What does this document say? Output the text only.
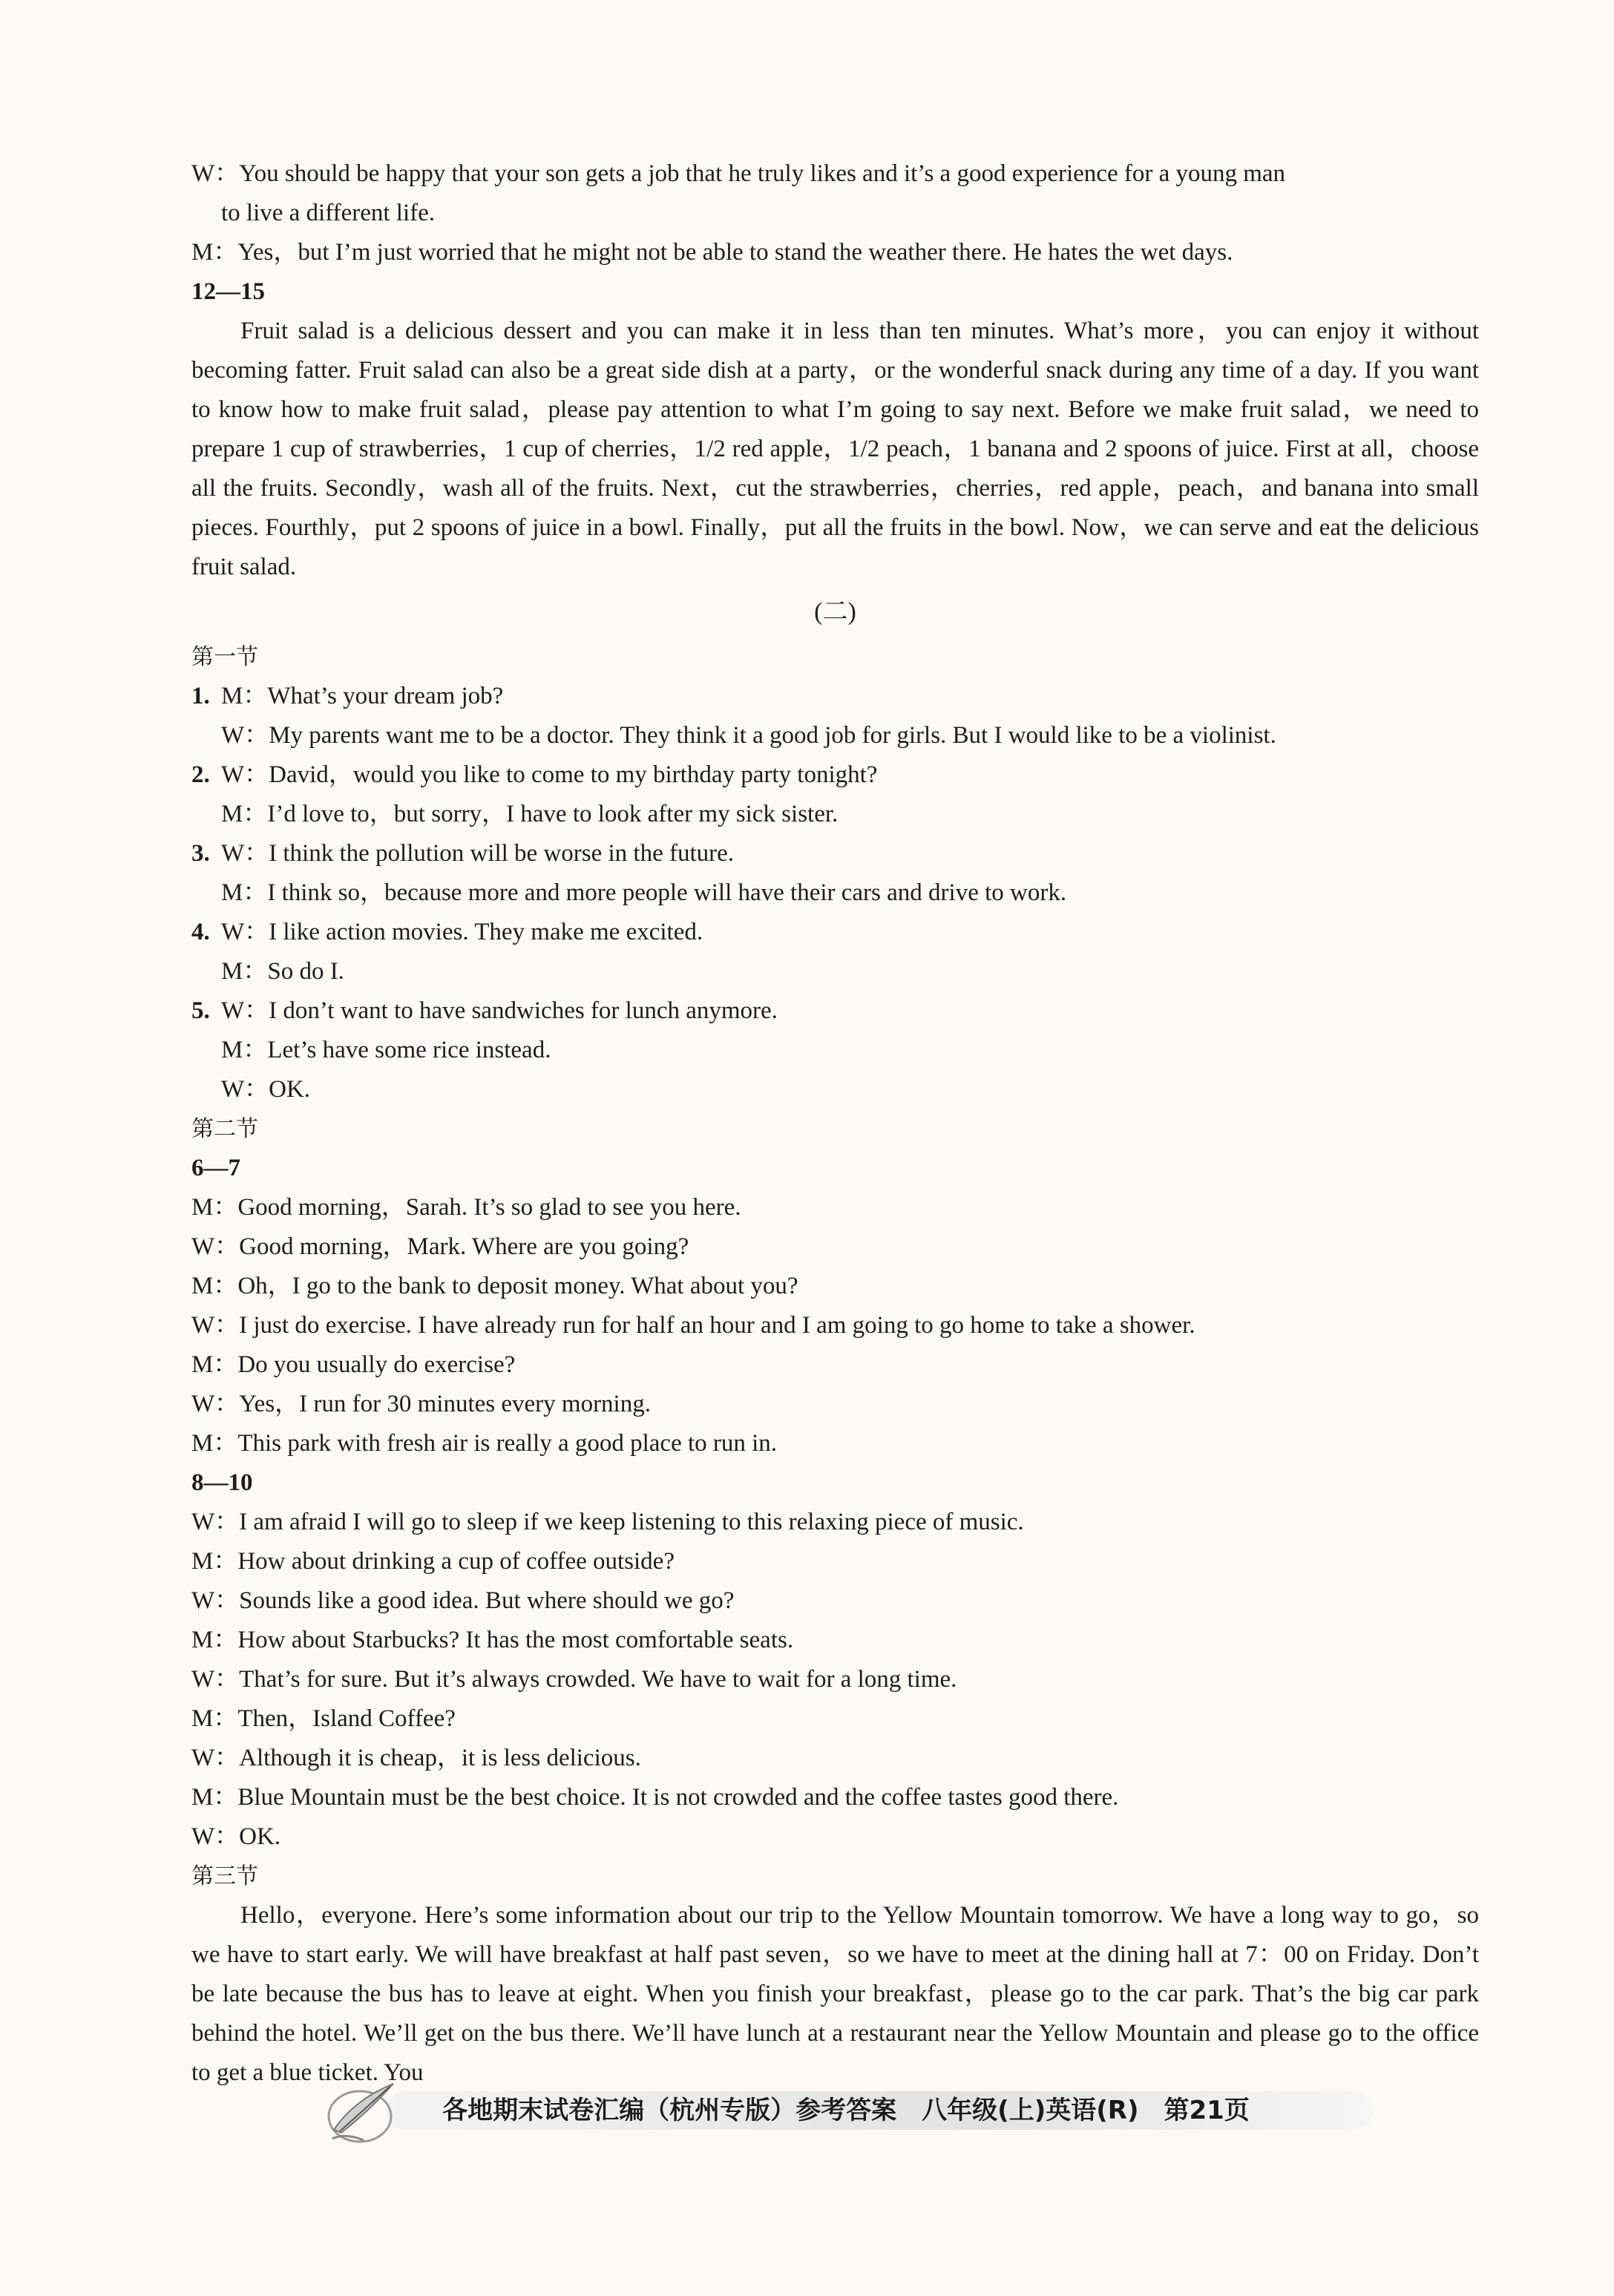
W：You should be happy that your son gets a job that he truly likes and it’s a good experience for a young man
to live a different life.
M：Yes，but I’m just worried that he might not be able to stand the weather there. He hates the wet days.
12—15
Fruit salad is a delicious dessert and you can make it in less than ten minutes. What’s more，you can enjoy it without becoming fatter. Fruit salad can also be a great side dish at a party，or the wonderful snack during any time of a day. If you want to know how to make fruit salad，please pay attention to what I’m going to say next. Before we make fruit salad，we need to prepare 1 cup of strawberries，1 cup of cherries，1/2 red apple，1/2 peach，1 banana and 2 spoons of juice. First at all，choose all the fruits. Secondly，wash all of the fruits. Next，cut the strawberries，cherries，red apple，peach，and banana into small pieces. Fourthly，put 2 spoons of juice in a bowl. Finally，put all the fruits in the bowl. Now，we can serve and eat the delicious fruit salad.
(二)
第一节
1. M：What’s your dream job?
W：My parents want me to be a doctor. They think it a good job for girls. But I would like to be a violinist.
2. W：David，would you like to come to my birthday party tonight?
M：I’d love to，but sorry，I have to look after my sick sister.
3. W：I think the pollution will be worse in the future.
M：I think so，because more and more people will have their cars and drive to work.
4. W：I like action movies. They make me excited.
M：So do I.
5. W：I don’t want to have sandwiches for lunch anymore.
M：Let’s have some rice instead.
W：OK.
第二节
6—7
M：Good morning，Sarah. It’s so glad to see you here.
W：Good morning，Mark. Where are you going?
M：Oh，I go to the bank to deposit money. What about you?
W：I just do exercise. I have already run for half an hour and I am going to go home to take a shower.
M：Do you usually do exercise?
W：Yes，I run for 30 minutes every morning.
M：This park with fresh air is really a good place to run in.
8—10
W：I am afraid I will go to sleep if we keep listening to this relaxing piece of music.
M：How about drinking a cup of coffee outside?
W：Sounds like a good idea. But where should we go?
M：How about Starbucks? It has the most comfortable seats.
W：That’s for sure. But it’s always crowded. We have to wait for a long time.
M：Then，Island Coffee?
W：Although it is cheap，it is less delicious.
M：Blue Mountain must be the best choice. It is not crowded and the coffee tastes good there.
W：OK.
第三节
Hello，everyone. Here’s some information about our trip to the Yellow Mountain tomorrow. We have a long way to go，so we have to start early. We will have breakfast at half past seven，so we have to meet at the dining hall at 7：00 on Friday. Don’t be late because the bus has to leave at eight. When you finish your breakfast，please go to the car park. That’s the big car park behind the hotel. We’ll get on the bus there. We’ll have lunch at a restaurant near the Yellow Mountain and please go to the office to get a blue ticket. You
各地期末试卷汇编（杭州专版）参考答案　八年级(上)英语(R)　第21页
